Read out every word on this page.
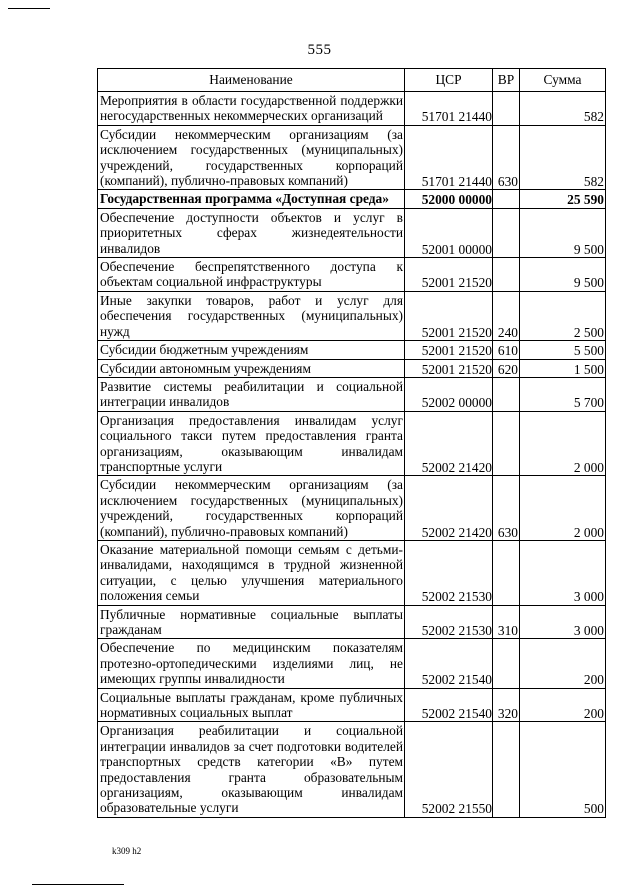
555
Наименование	ЦСР	ВР	Сумма
Мероприятия в области государственной поддержки негосударственных некоммерческих организаций	51701 21440		582
Субсидии некоммерческим организациям (за исключением государственных (муниципальных) учреждений, государственных корпораций (компаний), публично-правовых компаний)	51701 21440	630	582
Государственная программа «Доступная среда»	52000 00000		25 590
Обеспечение доступности объектов и услуг в приоритетных сферах жизнедеятельности инвалидов	52001 00000		9 500
Обеспечение беспрепятственного доступа к объектам социальной инфраструктуры	52001 21520		9 500
Иные закупки товаров, работ и услуг для обеспечения государственных (муниципальных) нужд	52001 21520	240	2 500
Субсидии бюджетным учреждениям	52001 21520	610	5 500
Субсидии автономным учреждениям	52001 21520	620	1 500
Развитие системы реабилитации и социальной интеграции инвалидов	52002 00000		5 700
Организация предоставления инвалидам услуг социального такси путем предоставления гранта организациям, оказывающим инвалидам транспортные услуги	52002 21420		2 000
Субсидии некоммерческим организациям (за исключением государственных (муниципальных) учреждений, государственных корпораций (компаний), публично-правовых компаний)	52002 21420	630	2 000
Оказание материальной помощи семьям с детьми-инвалидами, находящимся в трудной жизненной ситуации, с целью улучшения материального положения семьи	52002 21530		3 000
Публичные нормативные социальные выплаты гражданам	52002 21530	310	3 000
Обеспечение по медицинским показателям протезно-ортопедическими изделиями лиц, не имеющих группы инвалидности	52002 21540		200
Социальные выплаты гражданам, кроме публичных нормативных социальных выплат	52002 21540	320	200
Организация реабилитации и социальной интеграции инвалидов за счет подготовки водителей транспортных средств категории «В» путем предоставления гранта образовательным организациям, оказывающим инвалидам образовательные услуги	52002 21550		500
k309 h2
